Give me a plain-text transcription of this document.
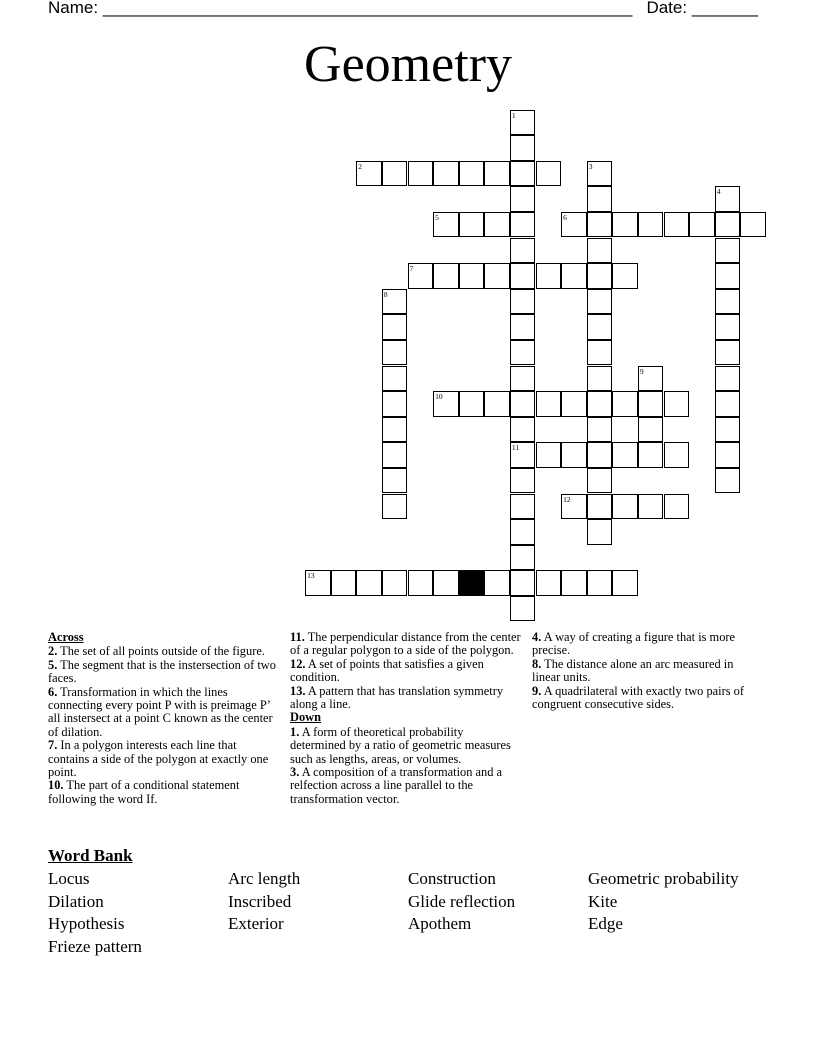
Name: ________________________________________________________ Date: _______
Geometry
2
5	6
7
10
11
12
13
1
3
4
8
9
Across
2. The set of all points outside of the figure.
5. The segment that is the instersection of two faces.
6. Transformation in which the lines connecting every point P with is preimage P’ all instersect at a point C known as the center of dilation.
7. In a polygon interests each line that contains a side of the polygon at exactly one point.
10. The part of a conditional statement following the word If.
11. The perpendicular distance from the center of a regular polygon to a side of the polygon.
12. A set of points that satisfies a given condition.
13. A pattern that has translation symmetry along a line.
Down
1. A form of theoretical probability determined by a ratio of geometric measures such as lengths, areas, or volumes.
3. A composition of a transformation and a relfection across a line parallel to the transformation vector.
4. A way of creating a figure that is more precise.
8. The distance alone an arc measured in linear units.
9. A quadrilateral with exactly two pairs of congruent consecutive sides.
Word Bank
Locus	Arc length	Construction	Geometric probability
Dilation	Inscribed	Glide reflection	Kite
Hypothesis	Exterior	Apothem	Edge
Frieze pattern
